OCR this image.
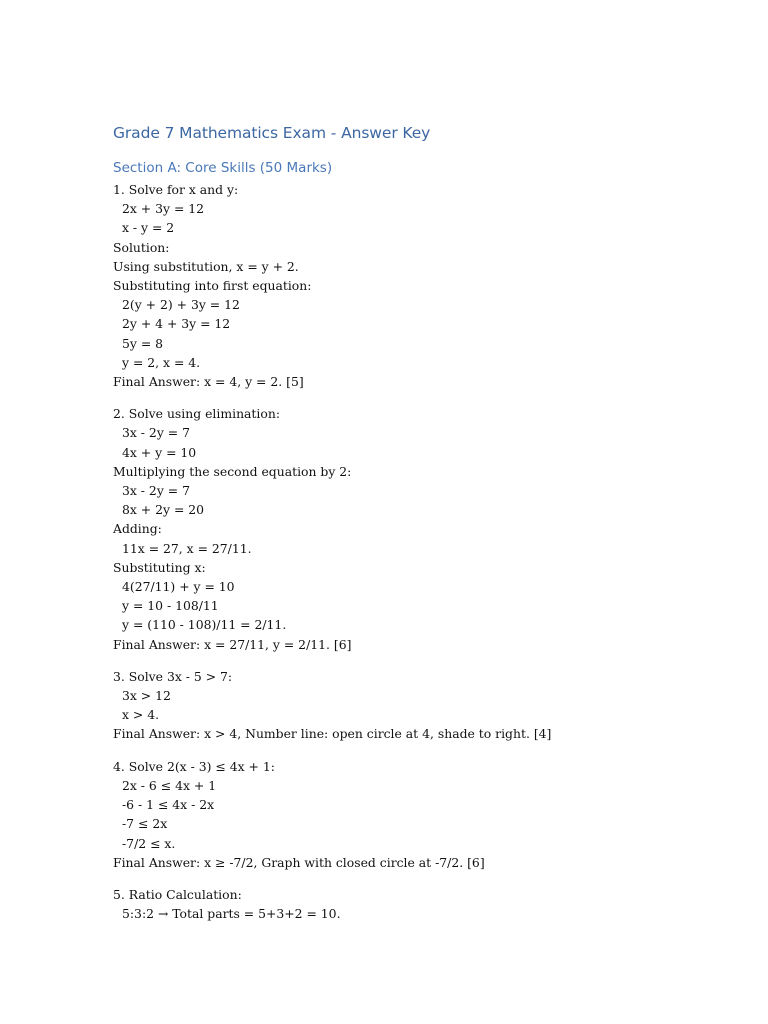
Grade 7 Mathematics Exam - Answer Key
Section A: Core Skills (50 Marks)
1. Solve for x and y:
2x + 3y = 12
x - y = 2
Solution:
Using substitution, x = y + 2.
Substituting into first equation:
2(y + 2) + 3y = 12
2y + 4 + 3y = 12
5y = 8
y = 2, x = 4.
Final Answer: x = 4, y = 2. [5]
2. Solve using elimination:
3x - 2y = 7
4x + y = 10
Multiplying the second equation by 2:
3x - 2y = 7
8x + 2y = 20
Adding:
11x = 27, x = 27/11.
Substituting x:
4(27/11) + y = 10
y = 10 - 108/11
y = (110 - 108)/11 = 2/11.
Final Answer: x = 27/11, y = 2/11. [6]
3. Solve 3x - 5 > 7:
3x > 12
x > 4.
Final Answer: x > 4, Number line: open circle at 4, shade to right. [4]
4. Solve 2(x - 3) ≤ 4x + 1:
2x - 6 ≤ 4x + 1
-6 - 1 ≤ 4x - 2x
-7 ≤ 2x
-7/2 ≤ x.
Final Answer: x ≥ -7/2, Graph with closed circle at -7/2. [6]
5. Ratio Calculation:
5:3:2 → Total parts = 5+3+2 = 10.
